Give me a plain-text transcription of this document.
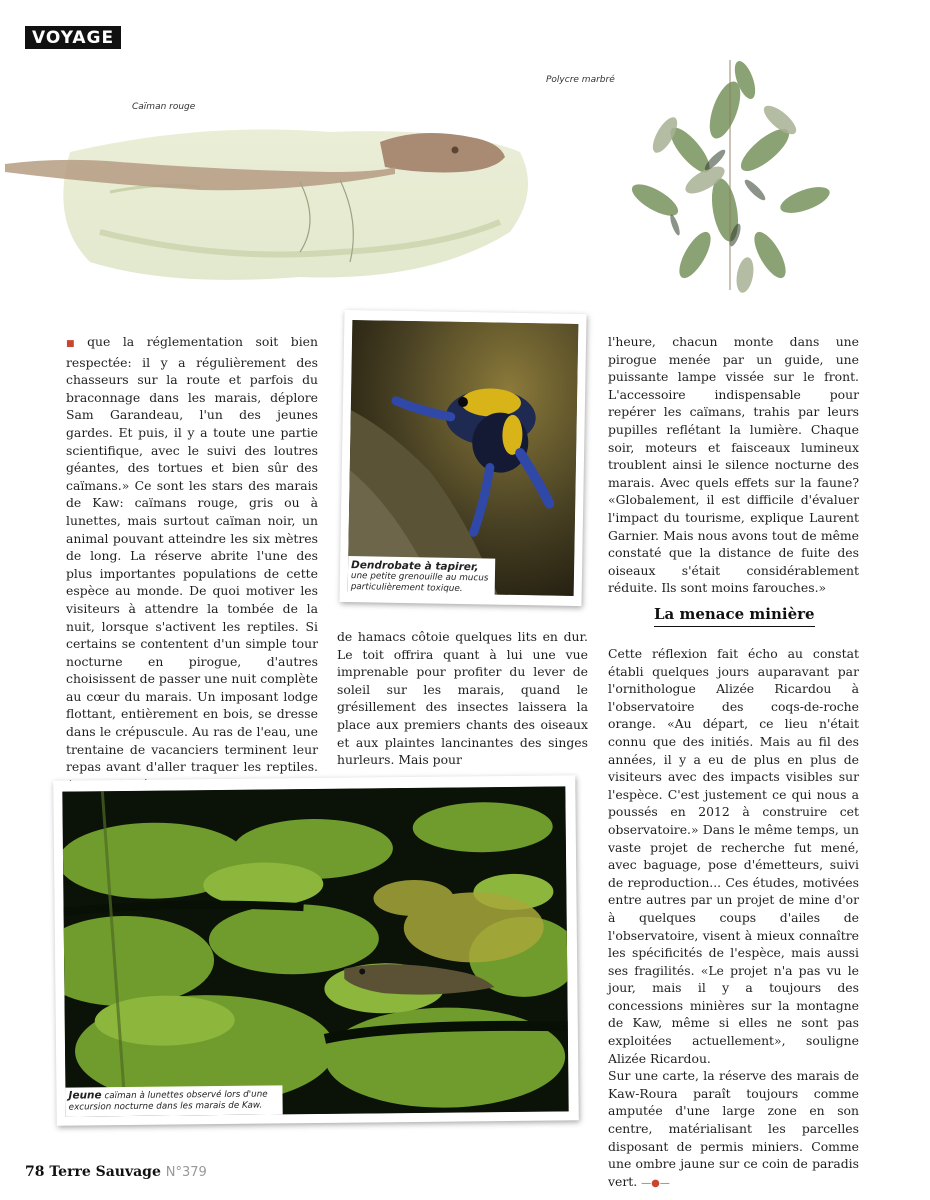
VOYAGE
Caïman rouge
Polycre marbré
Dendrobate à tapirer,
une petite grenouille au mucus particulièrement toxique.

■ que la réglementation soit bien respectée: il y a régulièrement des chasseurs sur la route et parfois du braconnage dans les marais, déplore Sam Garandeau, l'un des jeunes gardes. Et puis, il y a toute une partie scientifique, avec le suivi des loutres géantes, des tortues et bien sûr des caïmans.» Ce sont les stars des marais de Kaw: caïmans rouge, gris ou à lunettes, mais surtout caïman noir, un animal pouvant atteindre les six mètres de long. La réserve abrite l'une des plus importantes populations de cette espèce au monde. De quoi motiver les visiteurs à attendre la tombée de la nuit, lorsque s'activent les reptiles. Si certains se contentent d'un simple tour nocturne en pirogue, d'autres choisissent de passer une nuit complète au cœur du marais. Un imposant lodge flottant, entièrement en bois, se dresse dans le crépuscule. Au ras de l'eau, une trentaine de vacanciers terminent leur repas avant d'aller traquer les reptiles.

de hamacs côtoie quelques lits en dur. Le toit offrira quant à lui une vue imprenable pour profiter du lever de soleil sur les marais, quand le grésillement des insectes laissera la place aux premiers chants des oiseaux et aux plaintes lancinantes des singes hurleurs. Mais pour

l'heure, chacun monte dans une pirogue menée par un guide, une puissante lampe vissée sur le front. L'accessoire indispensable pour repérer les caïmans, trahis par leurs pupilles reflétant la lumière. Chaque soir, moteurs et faisceaux lumineux troublent ainsi le silence nocturne des marais. Avec quels effets sur la faune? «Globalement, il est difficile d'évaluer l'impact du tourisme, explique Laurent Garnier. Mais nous avons tout de même constaté que la distance de fuite des oiseaux s'était considérablement réduite. Ils sont moins farouches.»

La menace minière

Cette réflexion fait écho au constat établi quelques jours auparavant par l'ornithologue Alizée Ricardou à l'observatoire des coqs-de-roche orange. «Au départ, ce lieu n'était connu que des initiés. Mais au fil des années, il y a eu de plus en plus de visiteurs avec des impacts visibles sur l'espèce. C'est justement ce qui nous a poussés en 2012 à construire cet observatoire.» Dans le même temps, un vaste projet de recherche fut mené, avec baguage, pose d'émetteurs, suivi de reproduction... Ces études, motivées entre autres par un projet de mine d'or à quelques coups d'ailes de l'observatoire, visent à mieux connaître les spécificités de l'espèce, mais aussi ses fragilités. «Le projet n'a pas vu le jour, mais il y a toujours des concessions minières sur la montagne de Kaw, même si elles ne sont pas exploitées actuellement», souligne Alizée Ricardou.

Sur une carte, la réserve des marais de Kaw-Roura paraît toujours comme amputée d'une large zone en son centre, matérialisant les parcelles disposant de permis miniers. Comme une ombre jaune sur ce coin de paradis vert. —●—

Jeune caïman à lunettes observé lors d'une excursion nocturne dans les marais de Kaw.
78 Terre Sauvage N°379
